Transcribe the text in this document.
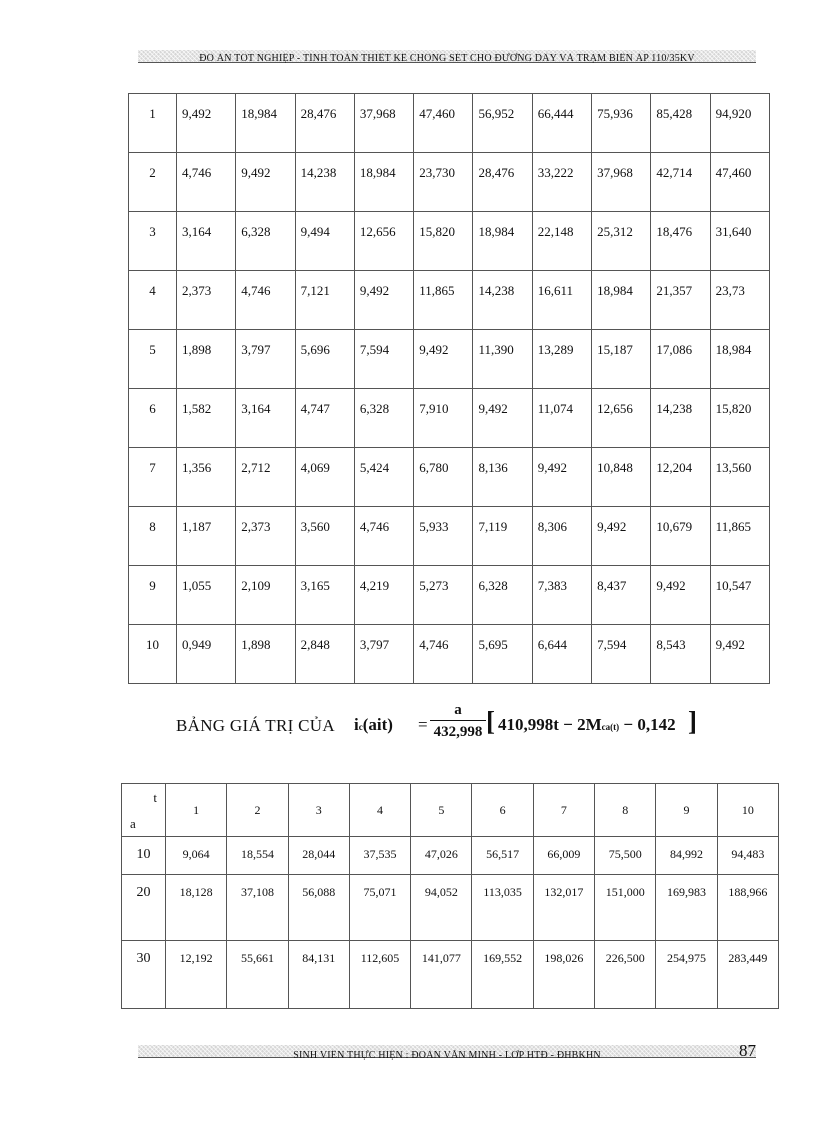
ĐỒ ÁN TỐT NGHIỆP - TÍNH TOÁN THIẾT KẾ CHỐNG SÉT CHO ĐƯỜNG DÂY VÀ TRẠM BIẾN ÁP 110/35KV
1	9,492	18,984	28,476	37,968	47,460	56,952	66,444	75,936	85,428	94,920
2	4,746	9,492	14,238	18,984	23,730	28,476	33,222	37,968	42,714	47,460
3	3,164	6,328	9,494	12,656	15,820	18,984	22,148	25,312	18,476	31,640
4	2,373	4,746	7,121	9,492	11,865	14,238	16,611	18,984	21,357	23,73
5	1,898	3,797	5,696	7,594	9,492	11,390	13,289	15,187	17,086	18,984
6	1,582	3,164	4,747	6,328	7,910	9,492	11,074	12,656	14,238	15,820
7	1,356	2,712	4,069	5,424	6,780	8,136	9,492	10,848	12,204	13,560
8	1,187	2,373	3,560	4,746	5,933	7,119	8,306	9,492	10,679	11,865
9	1,055	2,109	3,165	4,219	5,273	6,328	7,383	8,437	9,492	10,547
10	0,949	1,898	2,848	3,797	4,746	5,695	6,644	7,594	8,543	9,492
BẢNG GIÁ TRỊ CỦA ic(ait) =
a
432,998 [ 410,998t − 2Mca(t) − 0,142 ]
t
a	1	2	3	4	5	6	7	8	9	10
10	9,064	18,554	28,044	37,535	47,026	56,517	66,009	75,500	84,992	94,483
20	18,128	37,108	56,088	75,071	94,052	113,035	132,017	151,000	169,983	188,966
30	12,192	55,661	84,131	112,605	141,077	169,552	198,026	226,500	254,975	283,449
SINH VIÊN THỰC HIỆN : ĐOÀN VĂN MINH - LỚP HTĐ - ĐHBKHN	87
